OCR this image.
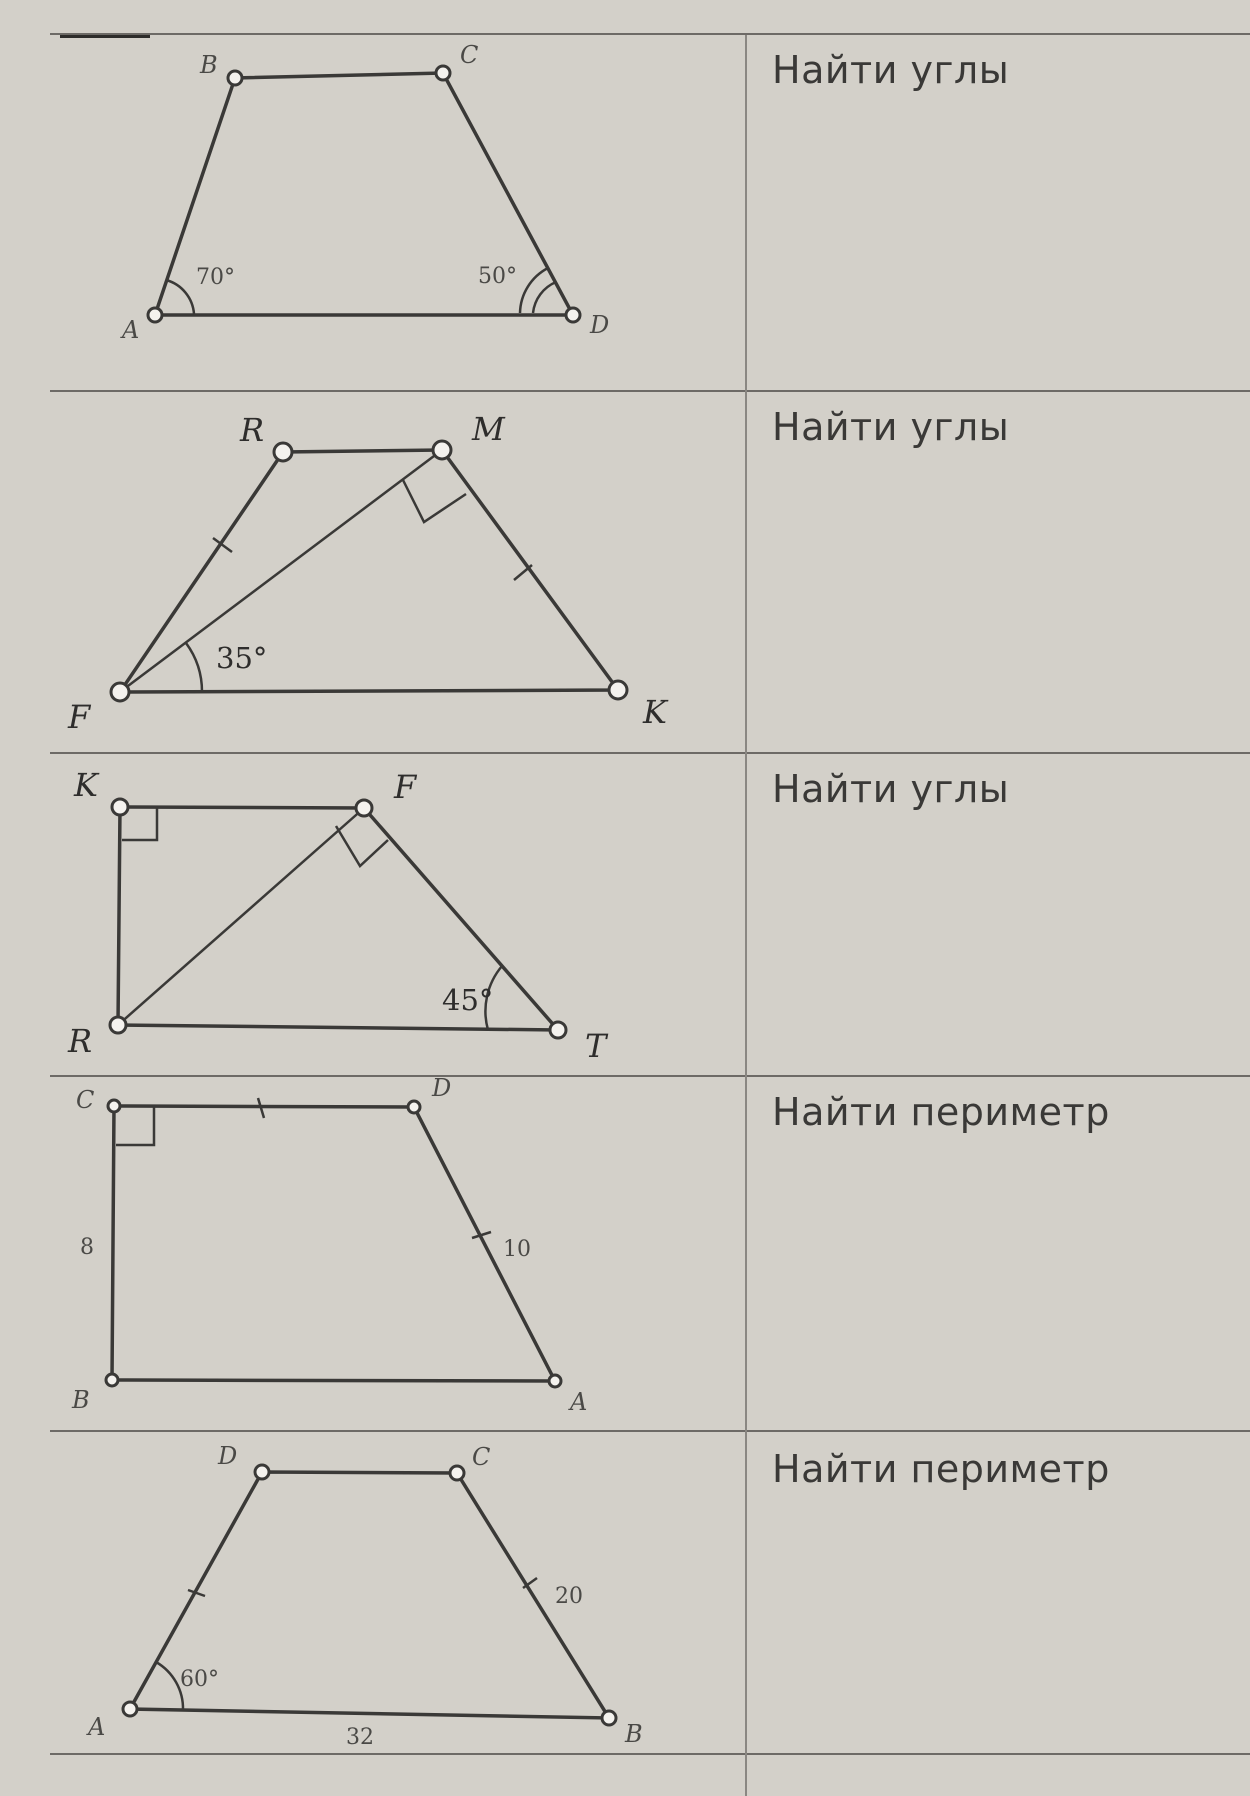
Найти углы
Найти углы
Найти углы
Найти периметр
Найти периметр
B	C
A	D
70°	50°
R	M
F	K
35°
K	F
R	T
45°
C	D
B	A
8	10
D	C
A	B
60°
20
32
